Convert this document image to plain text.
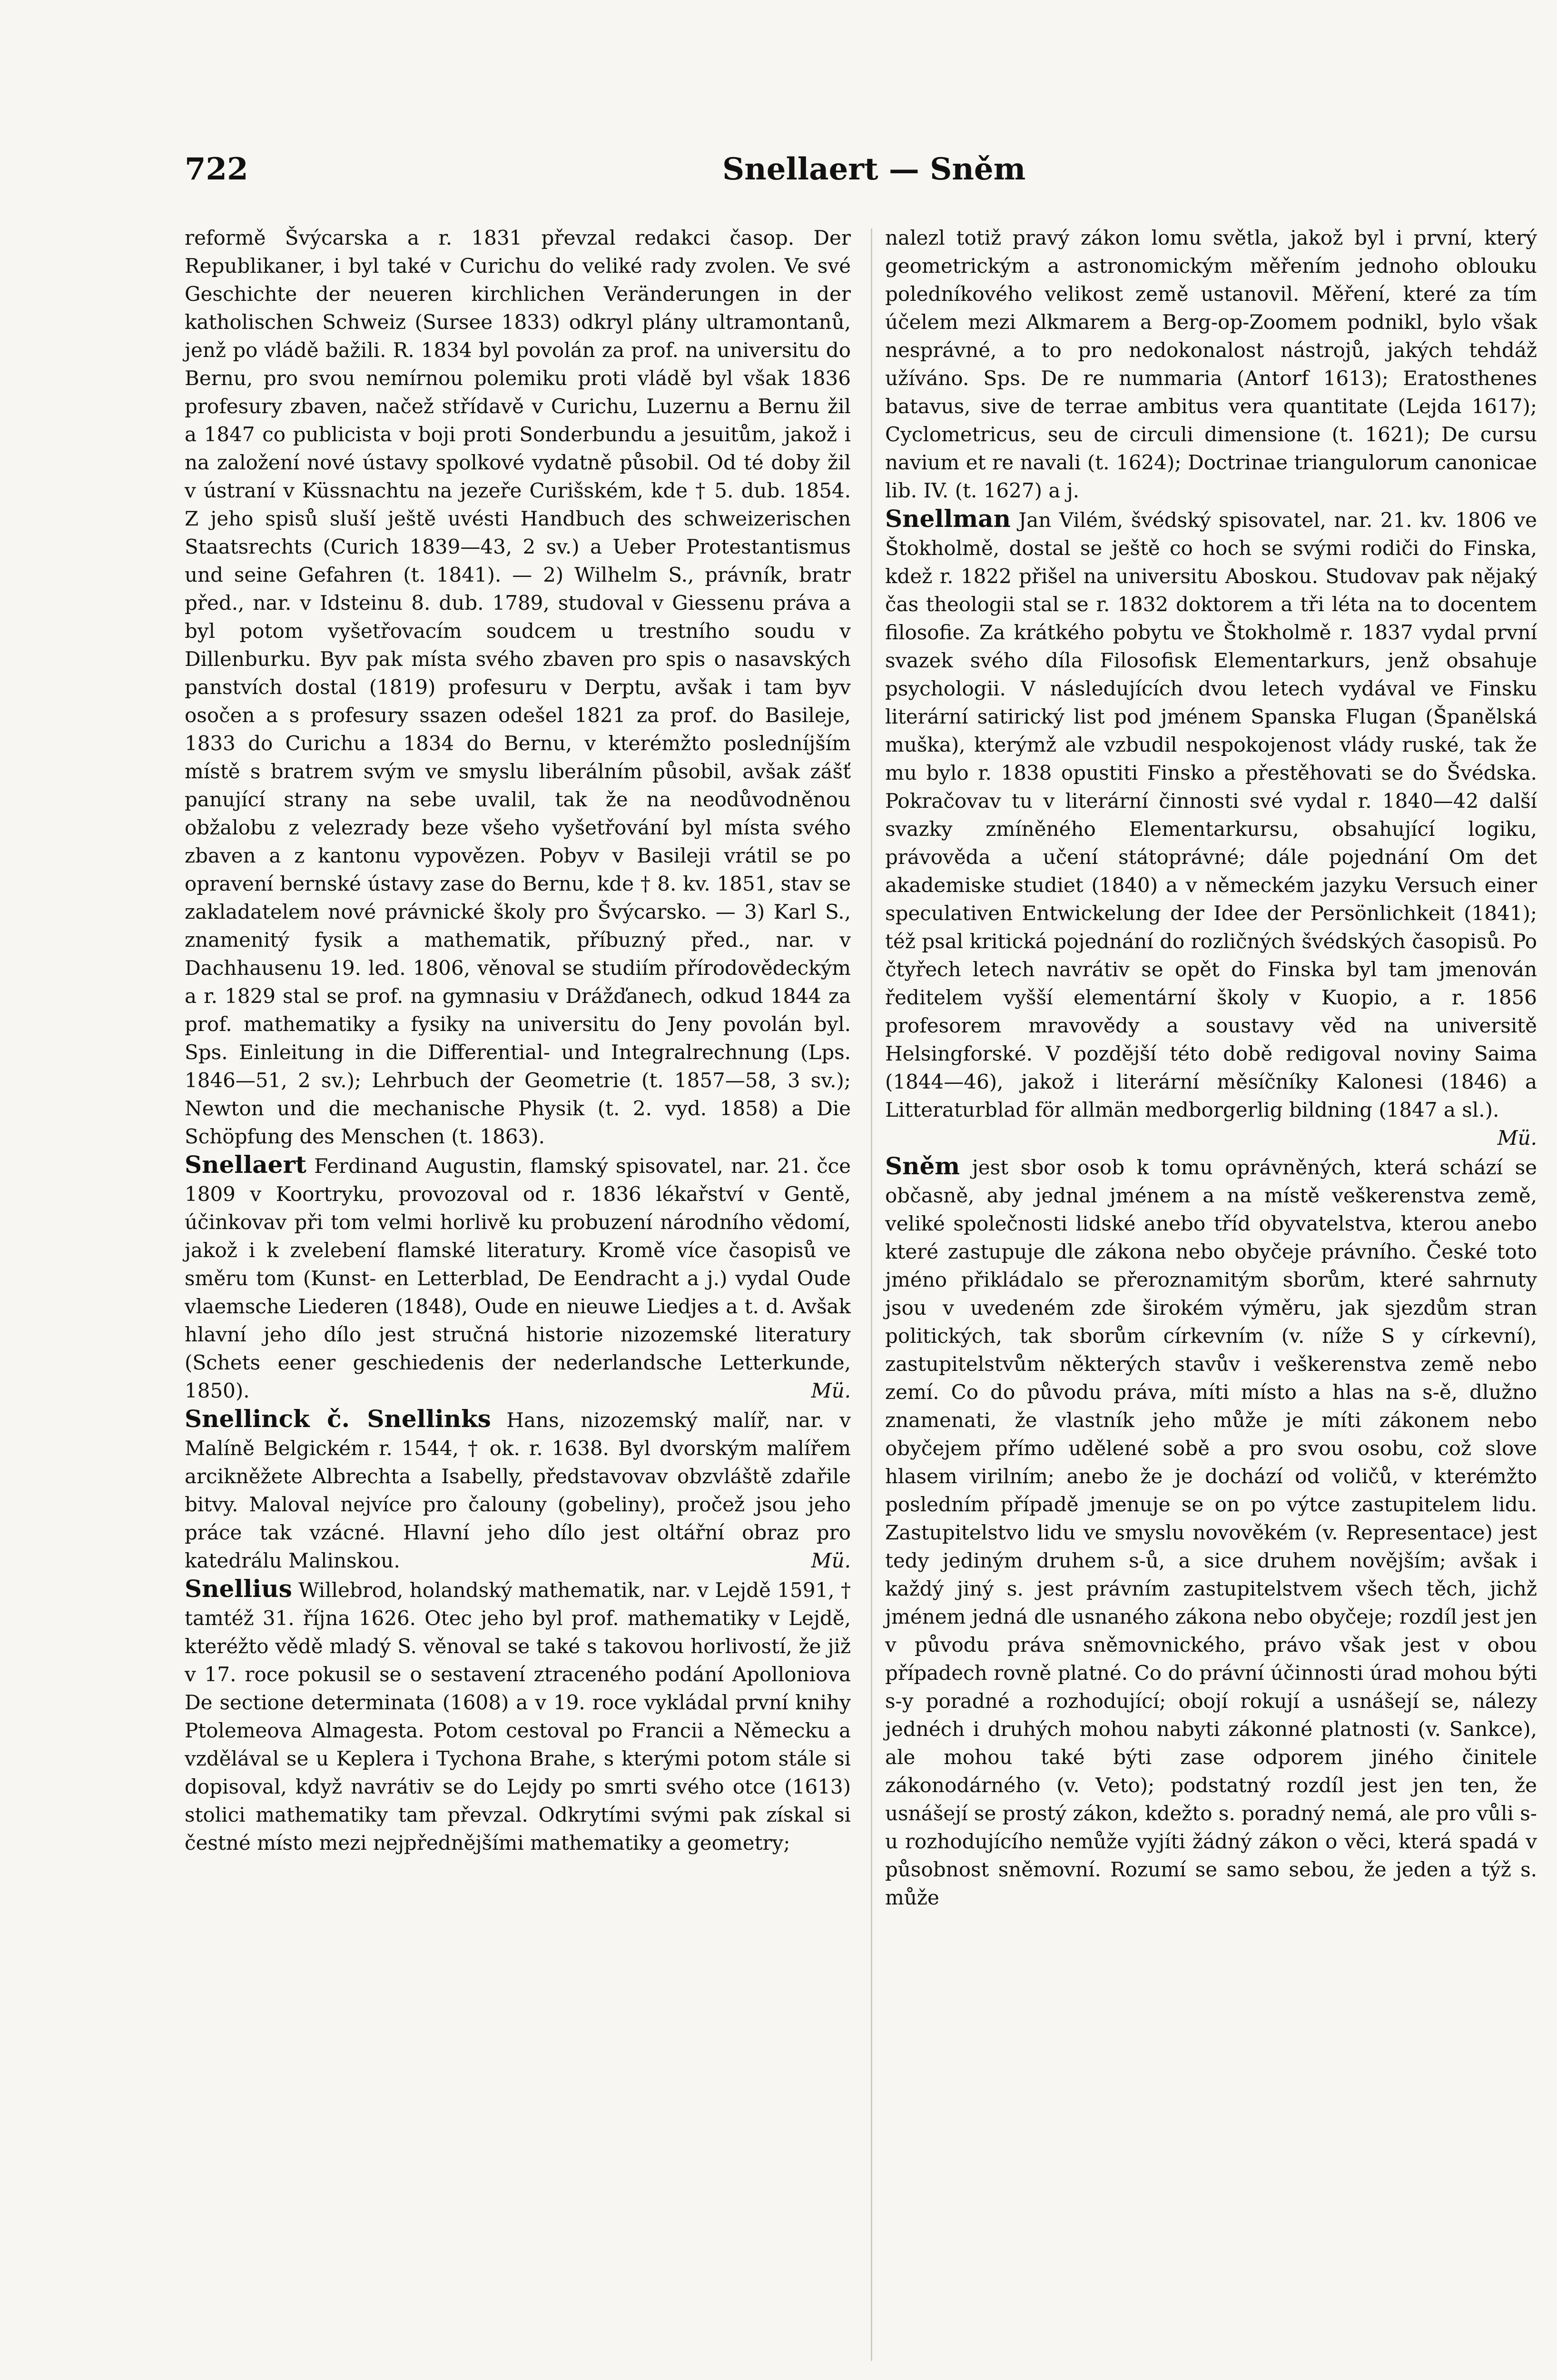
722	Snellaert — Sněm

reformě Švýcarska a r. 1831 převzal redakci časop. Der Republikaner, i byl také v Curichu do veliké rady zvolen. Ve své Geschichte der neueren kirchlichen Veränderungen in der katholischen Schweiz (Sursee 1833) odkryl plány ultramontanů, jenž po vládě bažili. R. 1834 byl povolán za prof. na universitu do Bernu, pro svou nemírnou polemiku proti vládě byl však 1836 profesury zbaven, načež střídavě v Curichu, Luzernu a Bernu žil a 1847 co publicista v boji proti Sonderbundu a jesuitům, jakož i na založení nové ústavy spolkové vydatně působil. Od té doby žil v ústraní v Küssnachtu na jezeře Curišském, kde † 5. dub. 1854. Z jeho spisů sluší ještě uvésti Handbuch des schweizerischen Staatsrechts (Curich 1839—43, 2 sv.) a Ueber Protestantismus und seine Gefahren (t. 1841). — 2) Wilhelm S., právník, bratr před., nar. v Idsteinu 8. dub. 1789, studoval v Giessenu práva a byl potom vyšetřovacím soudcem u trestního soudu v Dillenburku. Byv pak místa svého zbaven pro spis o nasavských panstvích dostal (1819) profesuru v Derptu, avšak i tam byv osočen a s profesury ssazen odešel 1821 za prof. do Basileje, 1833 do Curichu a 1834 do Bernu, v kterémžto posledníjším místě s bratrem svým ve smyslu liberálním působil, avšak zášť panující strany na sebe uvalil, tak že na neodůvodněnou obžalobu z velezrady beze všeho vyšetřování byl místa svého zbaven a z kantonu vypovězen. Pobyv v Basileji vrátil se po opravení bernské ústavy zase do Bernu, kde † 8. kv. 1851, stav se zakladatelem nové právnické školy pro Švýcarsko. — 3) Karl S., znamenitý fysik a mathematik, příbuzný před., nar. v Dachhausenu 19. led. 1806, věnoval se studiím přírodovědeckým a r. 1829 stal se prof. na gymnasiu v Drážďanech, odkud 1844 za prof. mathematiky a fysiky na universitu do Jeny povolán byl. Sps. Einleitung in die Differential- und Integralrechnung (Lps. 1846—51, 2 sv.); Lehrbuch der Geometrie (t. 1857—58, 3 sv.); Newton und die mechanische Physik (t. 2. vyd. 1858) a Die Schöpfung des Menschen (t. 1863).

Snellaert Ferdinand Augustin, flamský spisovatel, nar. 21. čce 1809 v Koortryku, provozoval od r. 1836 lékařství v Gentě, účinkovav při tom velmi horlivě ku probuzení národního vědomí, jakož i k zvelebení flamské literatury. Kromě více časopisů ve směru tom (Kunst- en Letterblad, De Eendracht a j.) vydal Oude vlaemsche Liederen (1848), Oude en nieuwe Liedjes a t. d. Avšak hlavní jeho dílo jest stručná historie nizozemské literatury (Schets eener geschiedenis der nederlandsche Letterkunde, 1850).	Mü.

Snellinck č. Snellinks Hans, nizozemský malíř, nar. v Malíně Belgickém r. 1544, † ok. r. 1638. Byl dvorským malířem arcikněžete Albrechta a Isabelly, představovav obzvláště zdařile bitvy. Maloval nejvíce pro čalouny (gobeliny), pročež jsou jeho práce tak vzácné. Hlavní jeho dílo jest oltářní obraz pro katedrálu Malinskou.	Mü.

Snellius Willebrod, holandský mathematik, nar. v Lejdě 1591, † tamtéž 31. října 1626. Otec jeho byl prof. mathematiky v Lejdě, kteréžto vědě mladý S. věnoval se také s takovou horlivostí, že již v 17. roce pokusil se o sestavení ztraceného podání Apolloniova De sectione determinata (1608) a v 19. roce vykládal první knihy Ptolemeova Almagesta. Potom cestoval po Francii a Německu a vzdělával se u Keplera i Tychona Brahe, s kterými potom stále si dopisoval, když navrátiv se do Lejdy po smrti svého otce (1613) stolici mathematiky tam převzal. Odkrytími svými pak získal si čestné místo mezi nejpřednějšími mathematiky a geometry;

nalezl totiž pravý zákon lomu světla, jakož byl i první, který geometrickým a astronomickým měřením jednoho oblouku poledníkového velikost země ustanovil. Měření, které za tím účelem mezi Alkmarem a Berg-op-Zoomem podnikl, bylo však nesprávné, a to pro nedokonalost nástrojů, jakých tehdáž užíváno. Sps. De re nummaria (Antorf 1613); Eratosthenes batavus, sive de terrae ambitus vera quantitate (Lejda 1617); Cyclometricus, seu de circuli dimensione (t. 1621); De cursu navium et re navali (t. 1624); Doctrinae triangulorum canonicae lib. IV. (t. 1627) a j.

Snellman Jan Vilém, švédský spisovatel, nar. 21. kv. 1806 ve Štokholmě, dostal se ještě co hoch se svými rodiči do Finska, kdež r. 1822 přišel na universitu Aboskou. Studovav pak nějaký čas theologii stal se r. 1832 doktorem a tři léta na to docentem filosofie. Za krátkého pobytu ve Štokholmě r. 1837 vydal první svazek svého díla Filosofisk Elementarkurs, jenž obsahuje psychologii. V následujících dvou letech vydával ve Finsku literární satirický list pod jménem Spanska Flugan (Španělská muška), kterýmž ale vzbudil nespokojenost vlády ruské, tak že mu bylo r. 1838 opustiti Finsko a přestěhovati se do Švédska. Pokračovav tu v literární činnosti své vydal r. 1840—42 další svazky zmíněného Elementarkursu, obsahující logiku, právověda a učení státoprávné; dále pojednání Om det akademiske studiet (1840) a v německém jazyku Versuch einer speculativen Entwickelung der Idee der Persönlichkeit (1841); též psal kritická pojednání do rozličných švédských časopisů. Po čtyřech letech navrátiv se opět do Finska byl tam jmenován ředitelem vyšší elementární školy v Kuopio, a r. 1856 profesorem mravovědy a soustavy věd na universitě Helsingforské. V pozdější této době redigoval noviny Saima (1844—46), jakož i literární měsíčníky Kalonesi (1846) a Litteraturblad för allmän medborgerlig bildning (1847 a sl.).
Mü.

Sněm jest sbor osob k tomu oprávněných, která schází se občasně, aby jednal jménem a na místě veškerenstva země, veliké společnosti lidské anebo tříd obyvatelstva, kterou anebo které zastupuje dle zákona nebo obyčeje právního. České toto jméno přikládalo se přeroznamitým sborům, které sahrnuty jsou v uvedeném zde širokém výměru, jak sjezdům stran politických, tak sborům církevním (v. níže S y církevní), zastupitelstvům některých stavův i veškerenstva země nebo zemí. Co do původu práva, míti místo a hlas na s-ě, dlužno znamenati, že vlastník jeho může je míti zákonem nebo obyčejem přímo udělené sobě a pro svou osobu, což slove hlasem virilním; anebo že je dochází od voličů, v kterémžto posledním případě jmenuje se on po výtce zastupitelem lidu. Zastupitelstvo lidu ve smyslu novověkém (v. Representace) jest tedy jediným druhem s-ů, a sice druhem novějším; avšak i každý jiný s. jest právním zastupitelstvem všech těch, jichž jménem jedná dle usnaného zákona nebo obyčeje; rozdíl jest jen v původu práva sněmovnického, právo však jest v obou případech rovně platné. Co do právní účinnosti úrad mohou býti s-y poradné a rozhodující; obojí rokují a usnášejí se, nálezy jednéch i druhých mohou nabyti zákonné platnosti (v. Sankce), ale mohou také býti zase odporem jiného činitele zákonodárného (v. Veto); podstatný rozdíl jest jen ten, že usnášejí se prostý zákon, kdežto s. poradný nemá, ale pro vůli s-u rozhodujícího nemůže vyjíti žádný zákon o věci, která spadá v působnost sněmovní. Rozumí se samo sebou, že jeden a týž s. může
